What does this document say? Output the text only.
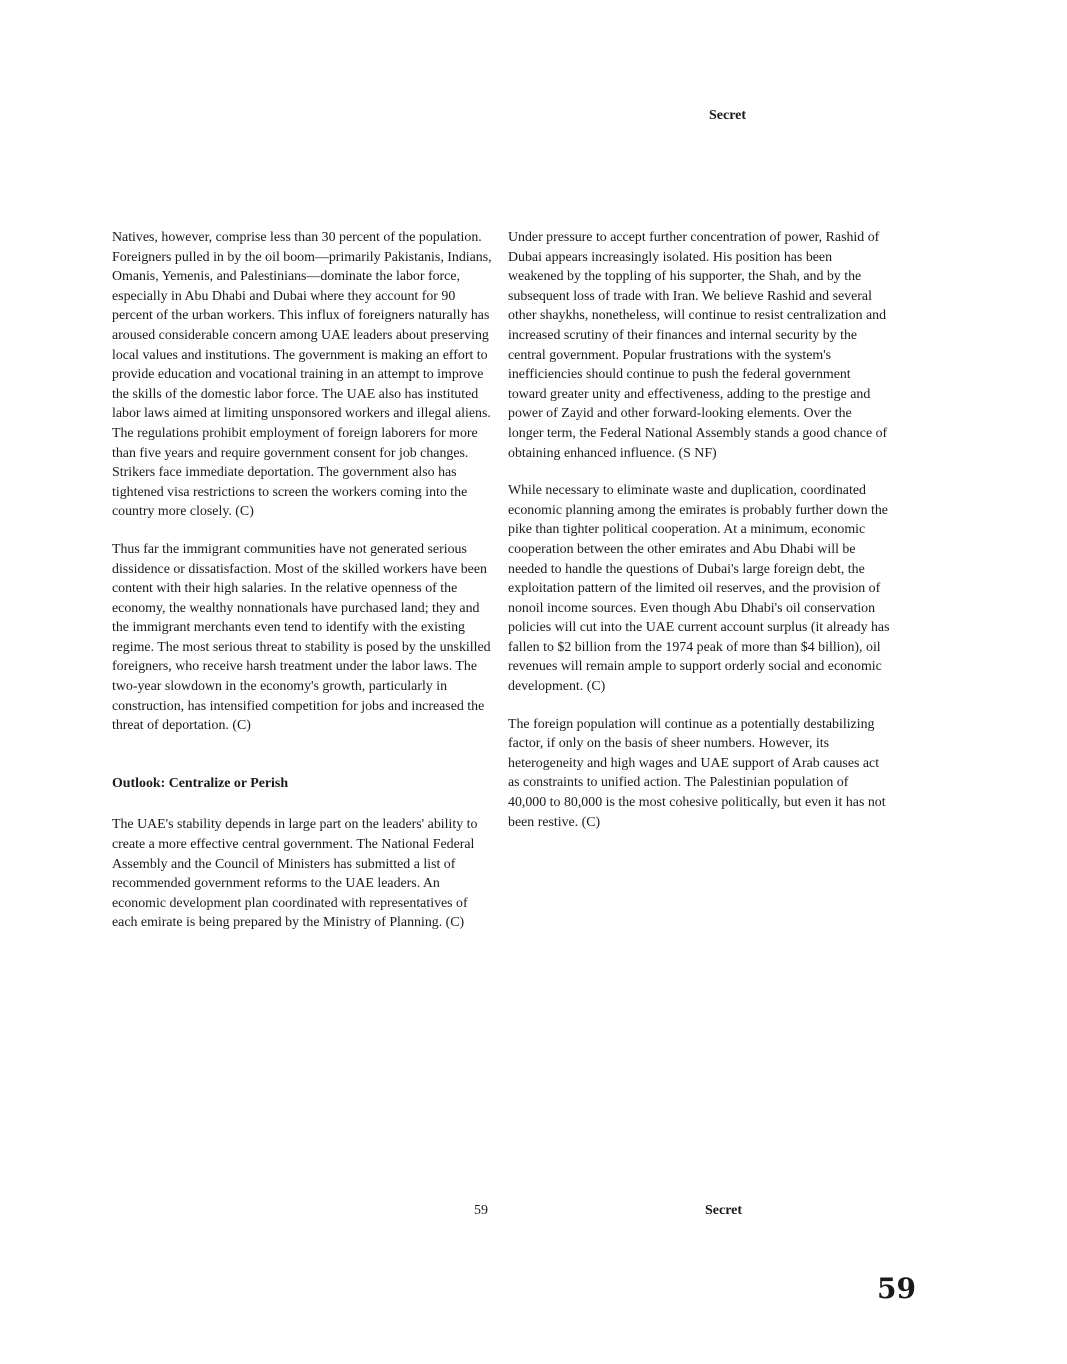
Secret

Natives, however, comprise less than 30 percent of the population. Foreigners pulled in by the oil boom—primarily Pakistanis, Indians, Omanis, Yemenis, and Palestinians—dominate the labor force, especially in Abu Dhabi and Dubai where they account for 90 percent of the urban workers. This influx of foreigners naturally has aroused considerable concern among UAE leaders about preserving local values and institutions. The government is making an effort to provide education and vocational training in an attempt to improve the skills of the domestic labor force. The UAE also has instituted labor laws aimed at limiting unsponsored workers and illegal aliens. The regulations prohibit employment of foreign laborers for more than five years and require government consent for job changes. Strikers face immediate deportation. The government also has tightened visa restrictions to screen the workers coming into the country more closely. (C)

Thus far the immigrant communities have not generated serious dissidence or dissatisfaction. Most of the skilled workers have been content with their high salaries. In the relative openness of the economy, the wealthy nonnationals have purchased land; they and the immigrant merchants even tend to identify with the existing regime. The most serious threat to stability is posed by the unskilled foreigners, who receive harsh treatment under the labor laws. The two-year slowdown in the economy's growth, particularly in construction, has intensified competition for jobs and increased the threat of deportation. (C)

Outlook: Centralize or Perish

The UAE's stability depends in large part on the leaders' ability to create a more effective central government. The National Federal Assembly and the Council of Ministers has submitted a list of recommended government reforms to the UAE leaders. An economic development plan coordinated with representatives of each emirate is being prepared by the Ministry of Planning. (C)

Under pressure to accept further concentration of power, Rashid of Dubai appears increasingly isolated. His position has been weakened by the toppling of his supporter, the Shah, and by the subsequent loss of trade with Iran. We believe Rashid and several other shaykhs, nonetheless, will continue to resist centralization and increased scrutiny of their finances and internal security by the central government. Popular frustrations with the system's inefficiencies should continue to push the federal government toward greater unity and effectiveness, adding to the prestige and power of Zayid and other forward-looking elements. Over the longer term, the Federal National Assembly stands a good chance of obtaining enhanced influence. (S NF)

While necessary to eliminate waste and duplication, coordinated economic planning among the emirates is probably further down the pike than tighter political cooperation. At a minimum, economic cooperation between the other emirates and Abu Dhabi will be needed to handle the questions of Dubai's large foreign debt, the exploitation pattern of the limited oil reserves, and the provision of nonoil income sources. Even though Abu Dhabi's oil conservation policies will cut into the UAE current account surplus (it already has fallen to $2 billion from the 1974 peak of more than $4 billion), oil revenues will remain ample to support orderly social and economic development. (C)

The foreign population will continue as a potentially destabilizing factor, if only on the basis of sheer numbers. However, its heterogeneity and high wages and UAE support of Arab causes act as constraints to unified action. The Palestinian population of 40,000 to 80,000 is the most cohesive politically, but even it has not been restive. (C)

59	Secret
59
